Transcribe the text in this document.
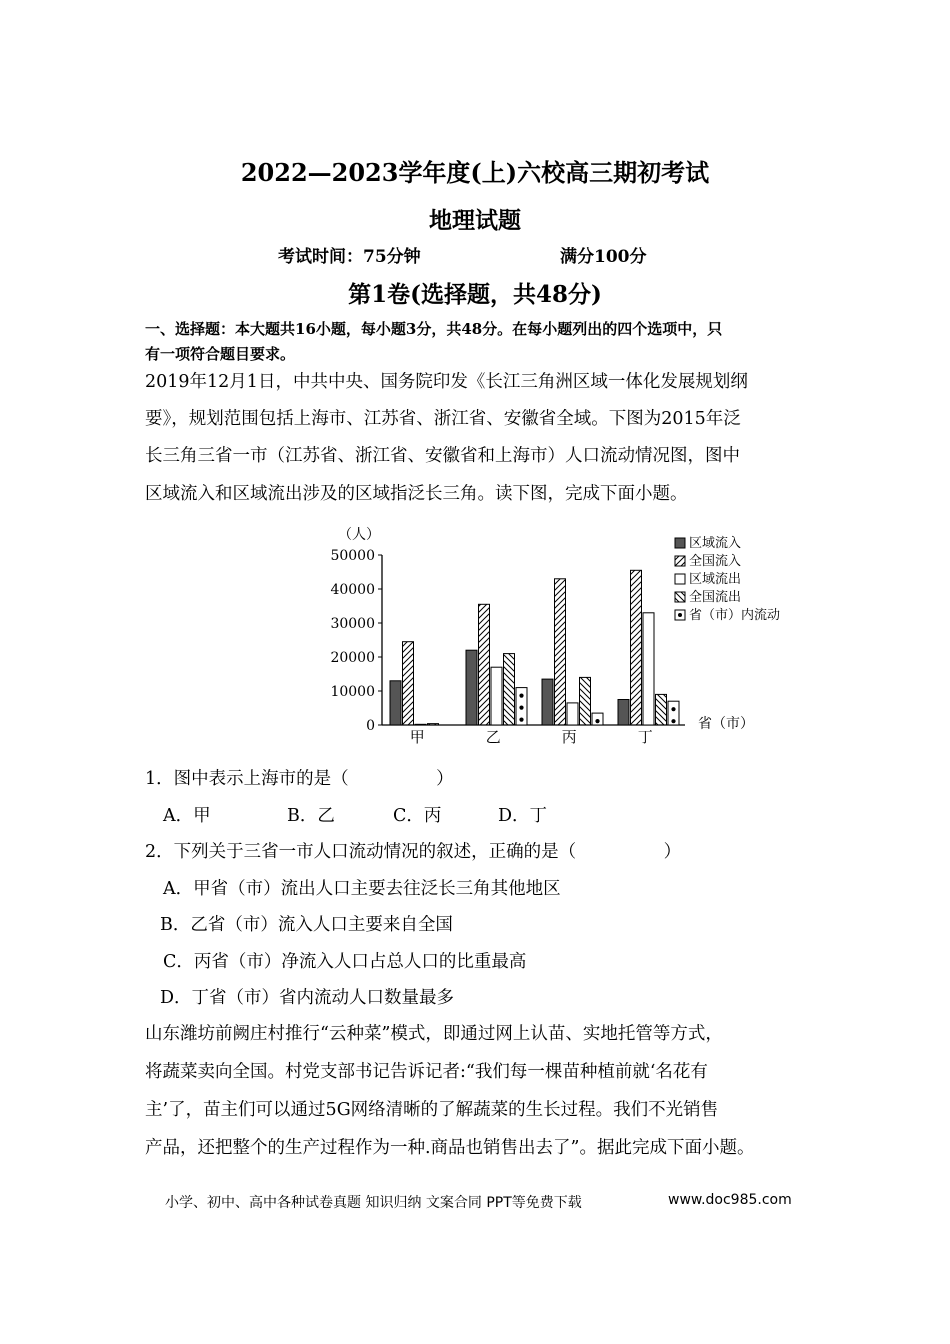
2022—2023学年度(上)六校高三期初考试
地理试题
考试时间：75分钟	满分100分
第1卷(选择题，共48分)
一、选择题：本大题共16小题，每小题3分，共48分。在每小题列出的四个选项中，只
有一项符合题目要求。
2019年12月1日，中共中央、国务院印发《长江三角洲区域一体化发展规划纲
要》，规划范围包括上海市、江苏省、浙江省、安徽省全域。下图为2015年泛
长三角三省一市（江苏省、浙江省、安徽省和上海市）人口流动情况图，图中
区域流入和区域流出涉及的区域指泛长三角。读下图，完成下面小题。
0
10000
20000
30000
40000
50000
（人）
省（市）
甲	乙	丙	丁
区域流入
全国流入
区域流出
全国流出
省（市）内流动
1．图中表示上海市的是（　　　　　）
A．甲	B．乙	C．丙	D．丁
2．下列关于三省一市人口流动情况的叙述，正确的是（　　　　　）
A．甲省（市）流出人口主要去往泛长三角其他地区
B．乙省（市）流入人口主要来自全国
C．丙省（市）净流入人口占总人口的比重最高
D．丁省（市）省内流动人口数量最多
山东潍坊前阙庄村推行“云种菜”模式，即通过网上认苗、实地托管等方式，
将蔬菜卖向全国。村党支部书记告诉记者:“我们每一棵苗种植前就‘名花有
主’了，苗主们可以通过5G网络清晰的了解蔬菜的生长过程。我们不光销售
产品，还把整个的生产过程作为一种.商品也销售出去了”。据此完成下面小题。
小学、初中、高中各种试卷真题 知识归纳 文案合同 PPT等免费下载	www.doc985.com
